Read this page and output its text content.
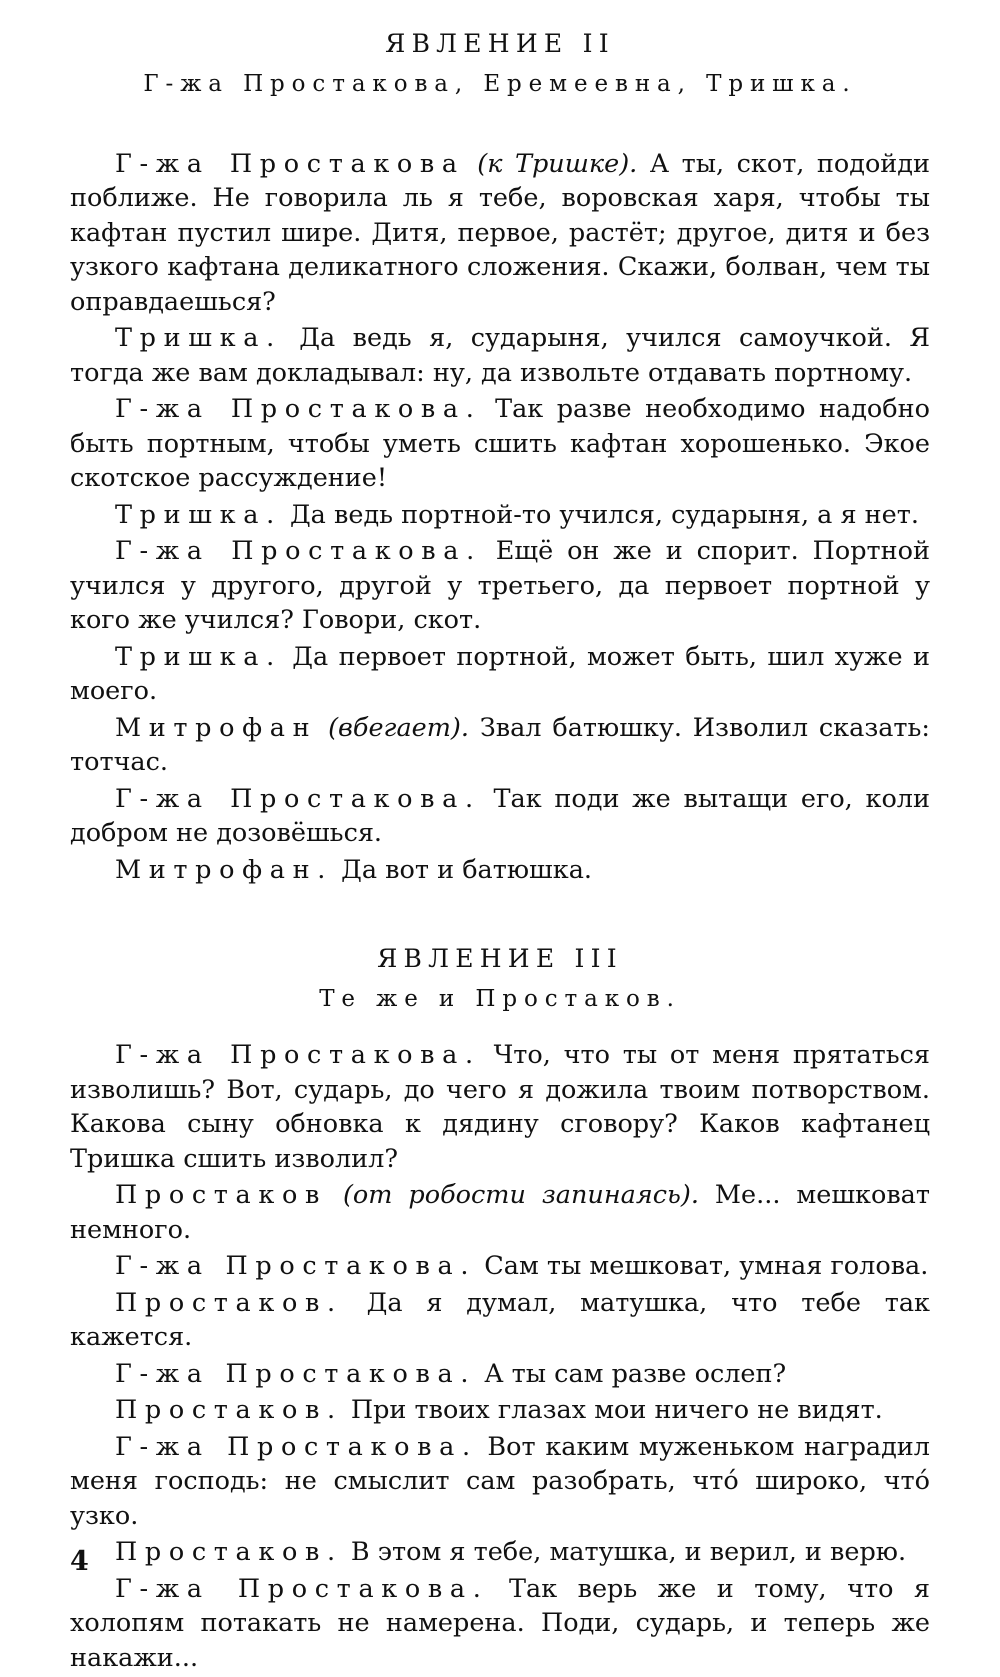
ЯВЛЕНИЕ II
Г-жа Простакова, Еремеевна, Тришка.

Г-жа Простакова (к Тришке). А ты, скот, подойди поближе. Не говорила ль я тебе, воровская харя, чтобы ты кафтан пустил шире. Дитя, первое, растёт; другое, дитя и без узкого кафтана деликатного сложения. Скажи, болван, чем ты оправдаешься?

Тришка. Да ведь я, сударыня, учился самоучкой. Я тогда же вам докладывал: ну, да извольте отдавать портному.

Г-жа Простакова. Так разве необходимо надобно быть портным, чтобы уметь сшить кафтан хорошенько. Экое скотское рассуждение!

Тришка. Да ведь портной-то учился, сударыня, а я нет.

Г-жа Простакова. Ещё он же и спорит. Портной учился у другого, другой у третьего, да первоет портной у кого же учился? Говори, скот.

Тришка. Да первоет портной, может быть, шил хуже и моего.

Митрофан (вбегает). Звал батюшку. Изволил сказать: тотчас.

Г-жа Простакова. Так поди же вытащи его, коли добром не дозовёшься.

Митрофан. Да вот и батюшка.

ЯВЛЕНИЕ III
Те же и Простаков.

Г-жа Простакова. Что, что ты от меня прятаться изволишь? Вот, сударь, до чего я дожила твоим потворством. Какова сыну обновка к дядину сговору? Каков кафтанец Тришка сшить изволил?

Простаков (от робости запинаясь). Ме... мешковат немного.

Г-жа Простакова. Сам ты мешковат, умная голова.

Простаков. Да я думал, матушка, что тебе так кажется.

Г-жа Простакова. А ты сам разве ослеп?

Простаков. При твоих глазах мои ничего не видят.

Г-жа Простакова. Вот каким муженьком наградил меня господь: не смыслит сам разобрать, что́ широко, что́ узко.

Простаков. В этом я тебе, матушка, и верил, и верю.

Г-жа Простакова. Так верь же и тому, что я холопям потакать не намерена. Поди, сударь, и теперь же накажи...

4
